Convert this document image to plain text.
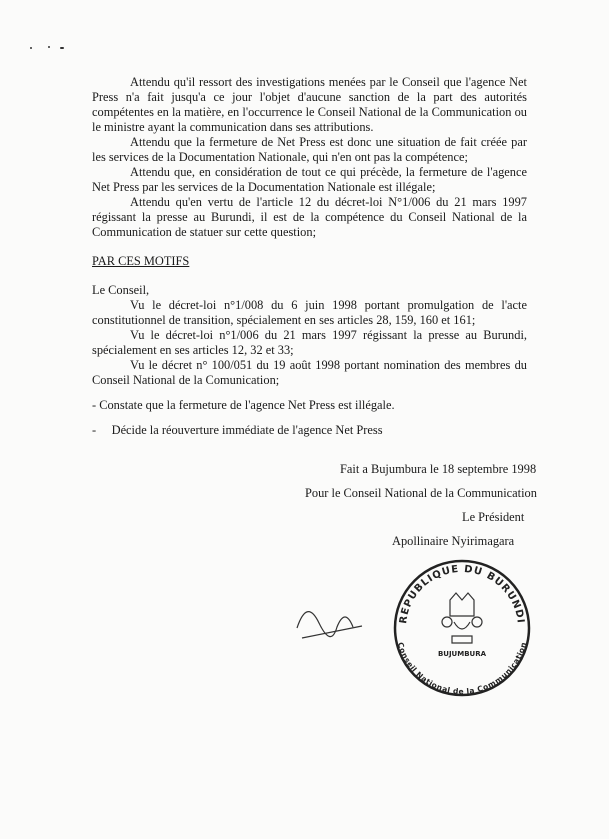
Attendu qu'il ressort des investigations menées par le Conseil que l'agence Net Press n'a fait jusqu'a ce jour l'objet d'aucune sanction de la part des autorités compétentes en la matière, en l'occurrence le Conseil National de la Communication ou le ministre ayant la communication dans ses attributions.

Attendu que la fermeture de Net Press est donc une situation de fait créée par les services de la Documentation Nationale, qui n'en ont pas la compétence;

Attendu que, en considération de tout ce qui précède, la fermeture de l'agence Net Press par les services de la Documentation Nationale est illégale;

Attendu qu'en vertu de l'article 12 du décret-loi N°1/006 du 21 mars 1997 régissant la presse au Burundi, il est de la compétence du Conseil National de la Communication de statuer sur cette question;

PAR CES MOTIFS
Le Conseil,

Vu le décret-loi n°1/008 du 6 juin 1998 portant promulgation de l'acte constitutionnel de transition, spécialement en ses articles 28, 159, 160 et 161;

Vu le décret-loi n°1/006 du 21 mars 1997 régissant la presse au Burundi, spécialement en ses articles 12, 32 et 33;

Vu le décret n° 100/051 du 19 août 1998 portant nomination des membres du Conseil National de la Comunication;

- Constate que la fermeture de l'agence Net Press est illégale.
-     Décide la réouverture immédiate de l'agence Net Press
Fait a Bujumbura le 18 septembre 1998
Pour le Conseil National de la Communication
Le Président
Apollinaire Nyirimagara
BUJUMBURA
REPUBLIQUE DU BURUNDI
Conseil National de la Communication
